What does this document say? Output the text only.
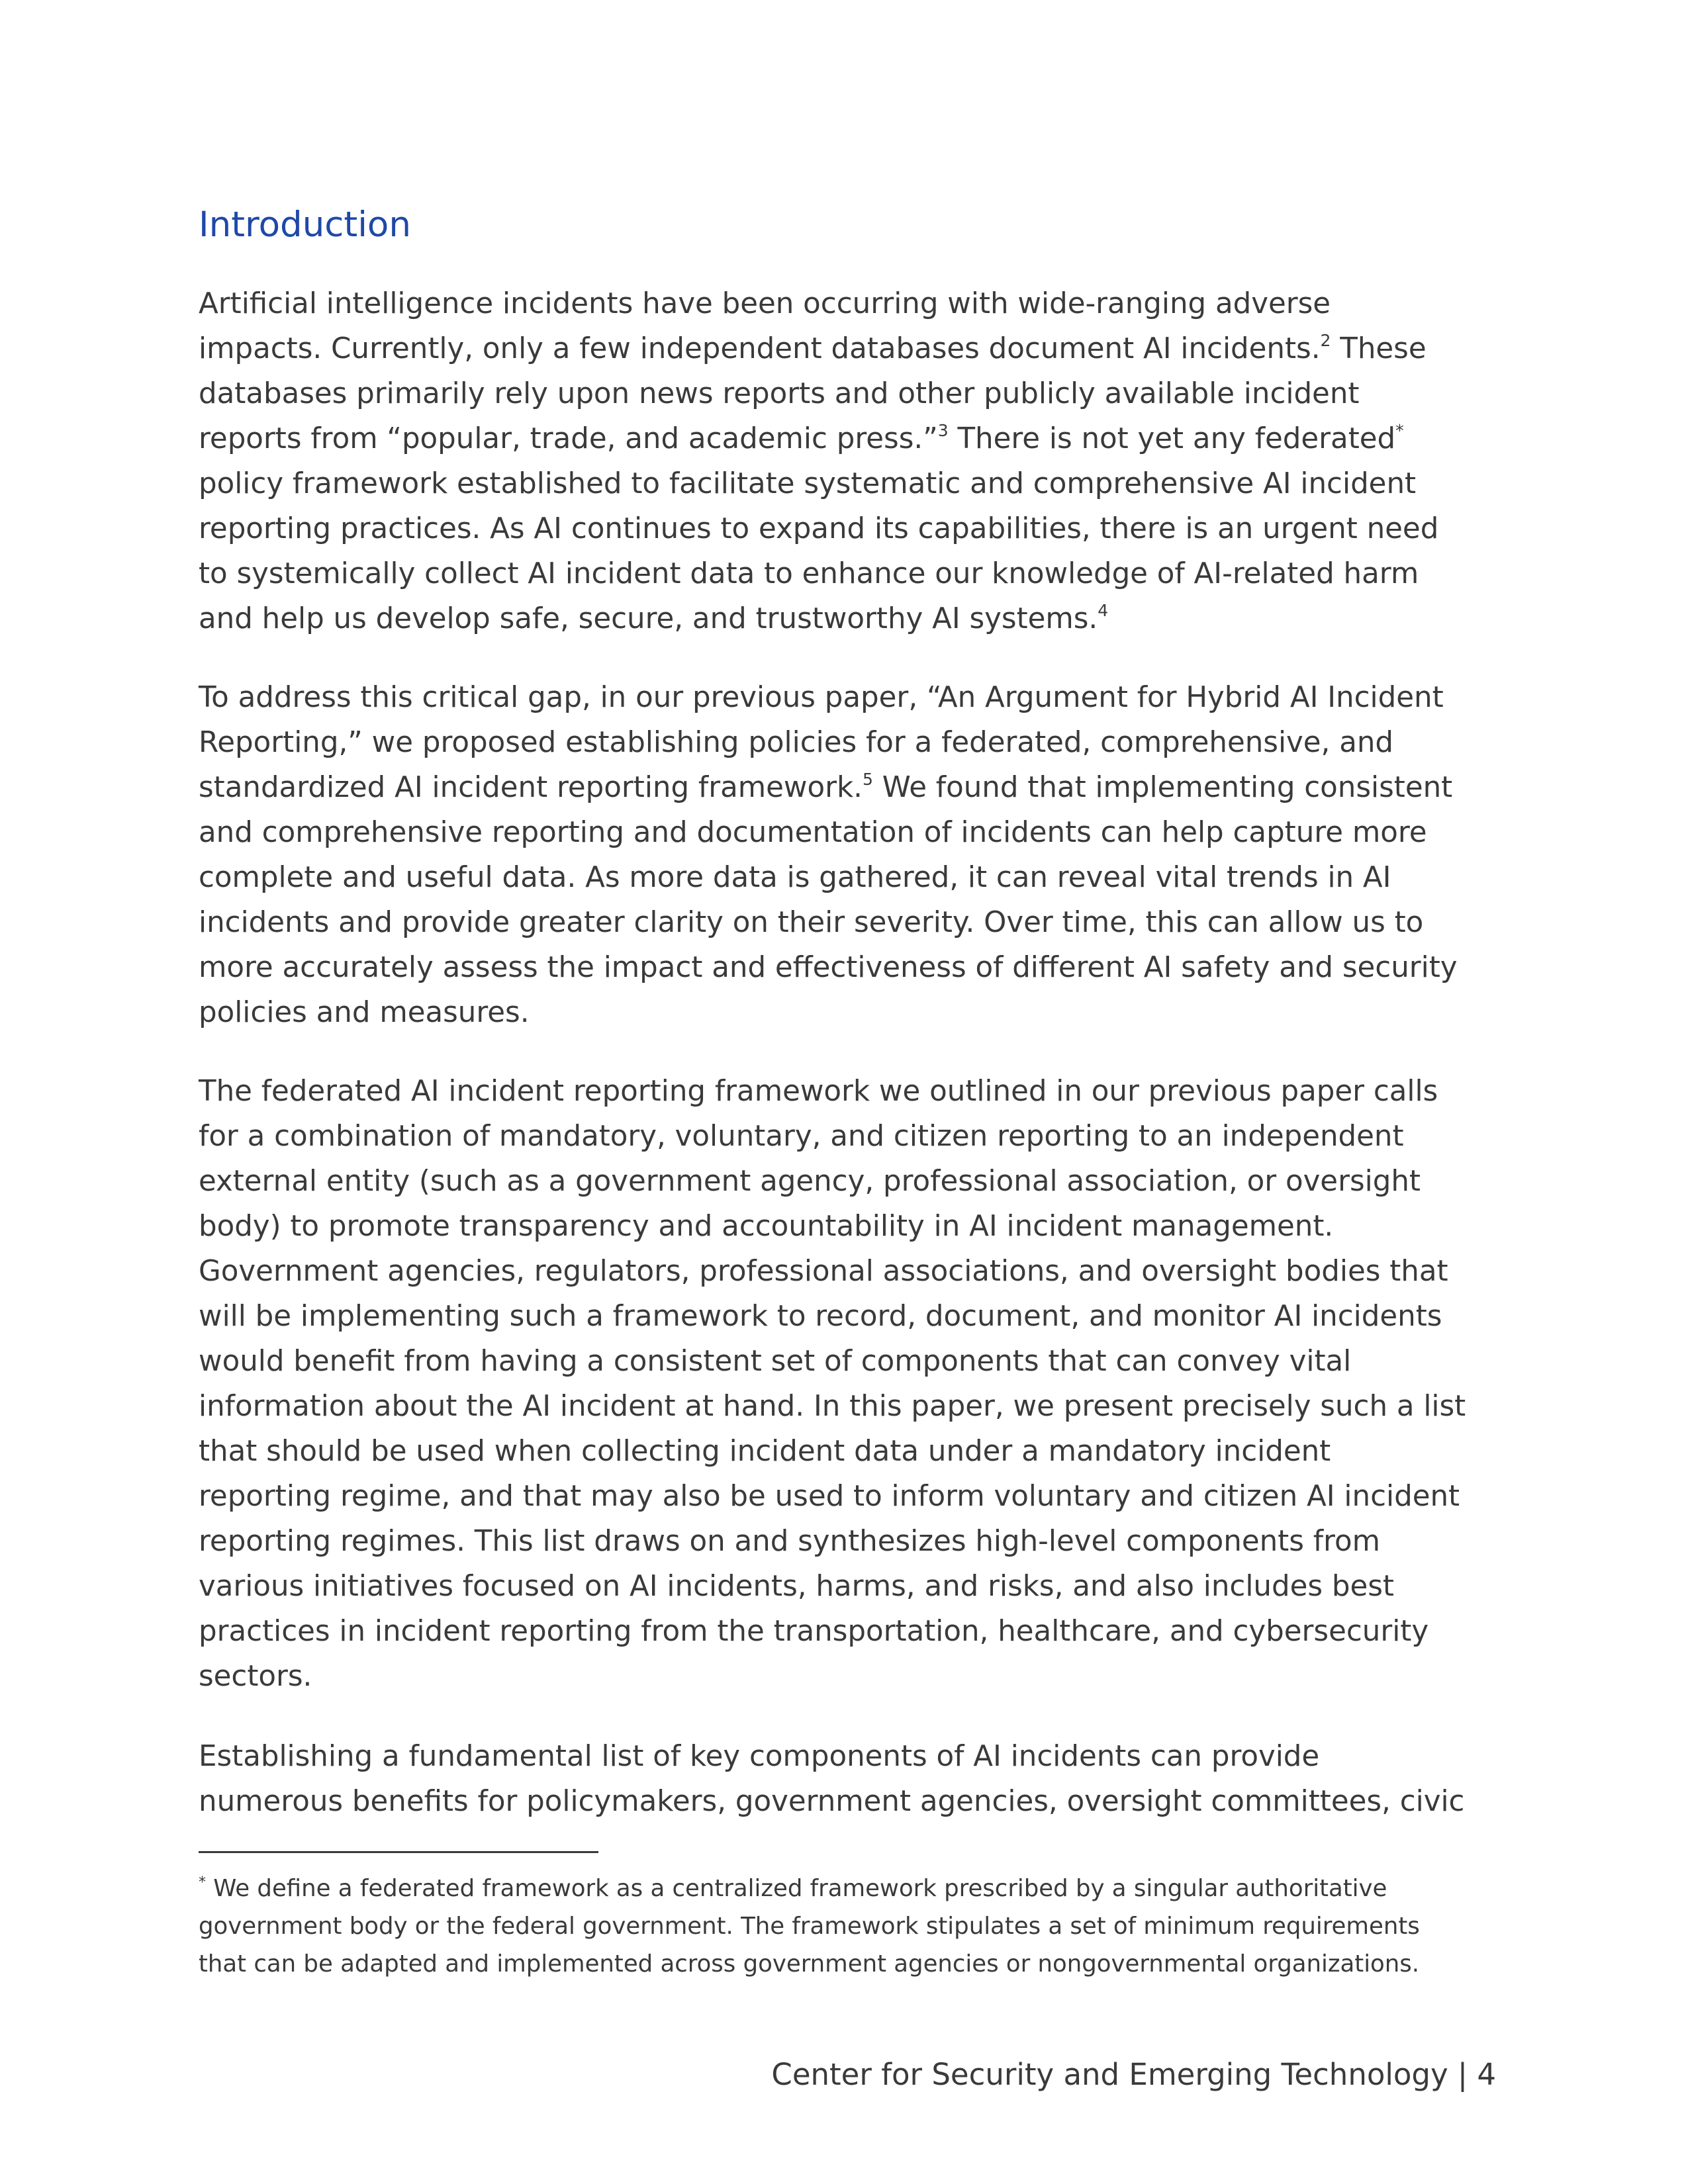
Introduction

Artificial intelligence incidents have been occurring with wide-ranging adverse
impacts. Currently, only a few independent databases document AI incidents.$^2$ These
databases primarily rely upon news reports and other publicly available incident
reports from “popular, trade, and academic press.”$^3$ There is not yet any federated*
policy framework established to facilitate systematic and comprehensive AI incident
reporting practices. As AI continues to expand its capabilities, there is an urgent need
to systemically collect AI incident data to enhance our knowledge of AI-related harm
and help us develop safe, secure, and trustworthy AI systems.$^4$

To address this critical gap, in our previous paper, “An Argument for Hybrid AI Incident
Reporting,” we proposed establishing policies for a federated, comprehensive, and
standardized AI incident reporting framework.$^5$ We found that implementing consistent
and comprehensive reporting and documentation of incidents can help capture more
complete and useful data. As more data is gathered, it can reveal vital trends in AI
incidents and provide greater clarity on their severity. Over time, this can allow us to
more accurately assess the impact and effectiveness of different AI safety and security
policies and measures.

The federated AI incident reporting framework we outlined in our previous paper calls
for a combination of mandatory, voluntary, and citizen reporting to an independent
external entity (such as a government agency, professional association, or oversight
body) to promote transparency and accountability in AI incident management.
Government agencies, regulators, professional associations, and oversight bodies that
will be implementing such a framework to record, document, and monitor AI incidents
would benefit from having a consistent set of components that can convey vital
information about the AI incident at hand. In this paper, we present precisely such a list
that should be used when collecting incident data under a mandatory incident
reporting regime, and that may also be used to inform voluntary and citizen AI incident
reporting regimes. This list draws on and synthesizes high-level components from
various initiatives focused on AI incidents, harms, and risks, and also includes best
practices in incident reporting from the transportation, healthcare, and cybersecurity
sectors.

Establishing a fundamental list of key components of AI incidents can provide
numerous benefits for policymakers, government agencies, oversight committees, civic

* We define a federated framework as a centralized framework prescribed by a singular authoritative
government body or the federal government. The framework stipulates a set of minimum requirements
that can be adapted and implemented across government agencies or nongovernmental organizations.

Center for Security and Emerging Technology | 4
